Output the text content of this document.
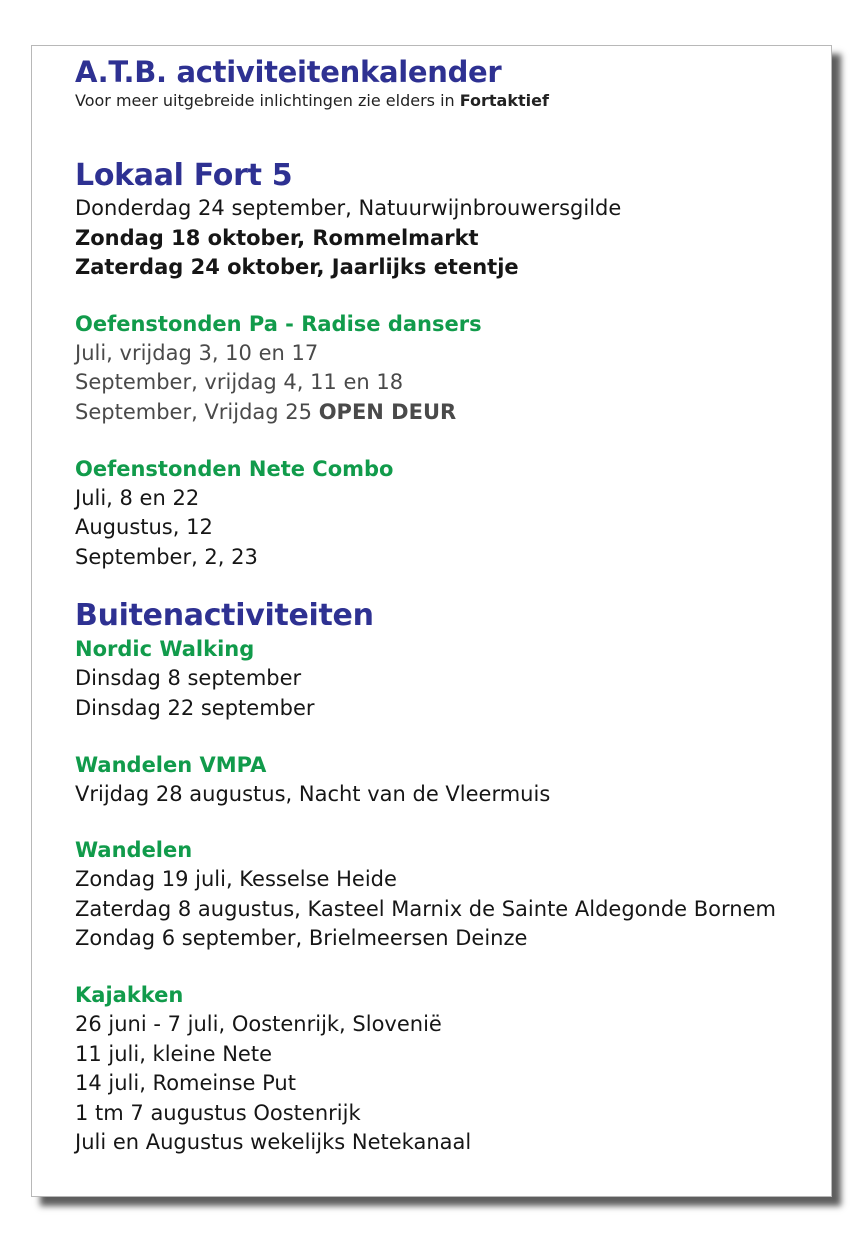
A.T.B. activiteitenkalender

Voor meer uitgebreide inlichtingen zie elders in Fortaktief

Lokaal Fort 5

Donderdag 24 september, Natuurwijnbrouwersgilde

Zondag 18 oktober, Rommelmarkt

Zaterdag 24 oktober, Jaarlijks etentje

Oefenstonden Pa - Radise dansers

Juli, vrijdag 3, 10 en 17

September, vrijdag 4, 11 en 18

September, Vrijdag 25 OPEN DEUR

Oefenstonden Nete Combo

Juli, 8 en 22

Augustus, 12

September, 2, 23

Buitenactiviteiten
Nordic Walking

Dinsdag 8 september

Dinsdag 22 september

Wandelen VMPA

Vrijdag 28 augustus, Nacht van de Vleermuis

Wandelen

Zondag 19 juli, Kesselse Heide

Zaterdag 8 augustus, Kasteel Marnix de Sainte Aldegonde Bornem

Zondag 6 september, Brielmeersen Deinze

Kajakken

26 juni - 7 juli, Oostenrijk, Slovenië

11 juli, kleine Nete

14 juli, Romeinse Put

1 tm 7 augustus Oostenrijk

Juli en Augustus wekelijks Netekanaal
